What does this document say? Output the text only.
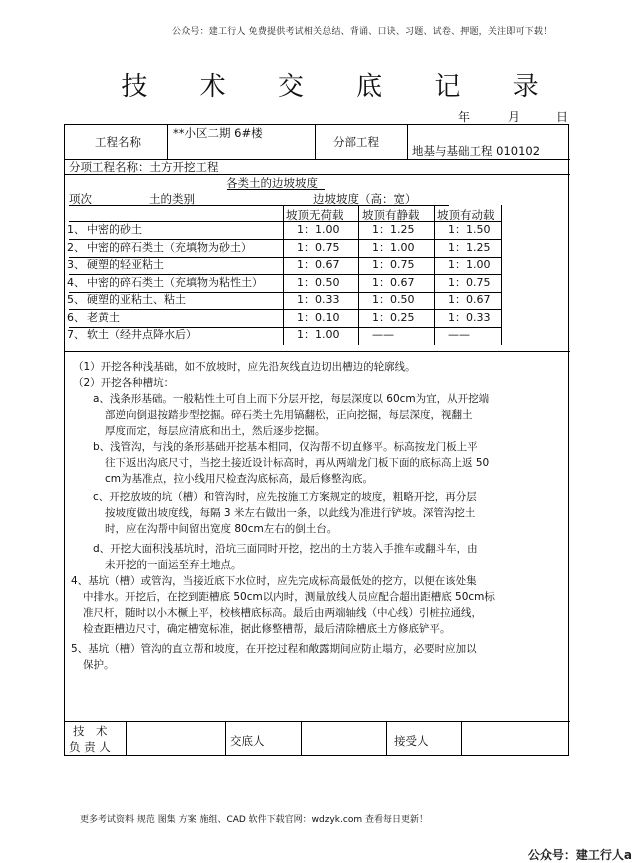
公众号：建工行人 免费提供考试相关总结、背诵、口诀、习题、试卷、押题，关注即可下载！
技 术 交 底 记 录
年	月	日
工程名称
**小区二期 6#楼
分部工程
地基与基础工程 010102
分项工程名称：土方开挖工程
各类土的边坡坡度
项次	土的类别	边坡坡度（高：宽）
坡顶无荷载 坡顶有静载 坡顶有动载
1、 中密的砂土	1：1.00	1：1.25	1：1.50
2、 中密的碎石类土（充填物为砂土）	1：0.75	1：1.00	1：1.25
3、 硬塑的轻亚粘土	1：0.67	1：0.75	1：1.00
4、 中密的碎石类土（充填物为粘性土）	1：0.50	1：0.67	1：0.75
5、 硬塑的亚粘土、粘土	1：0.33	1：0.50	1：0.67
6、 老黄土	1：0.10	1：0.25	1：0.33
7、 软土（经井点降水后）	1：1.00	——	——
（1）开挖各种浅基础，如不放坡时，应先沿灰线直边切出槽边的轮廓线。
（2）开挖各种槽坑：
a、浅条形基础。一般粘性土可自上而下分层开挖，每层深度以 60cm为宜，从开挖端
部逆向倒退按踏步型挖掘。碎石类土先用镐翻松，正向挖掘，每层深度，视翻土
厚度而定，每层应清底和出土，然后逐步挖掘。
b、浅管沟，与浅的条形基础开挖基本相同，仅沟帮不切直修平。标高按龙门板上平
往下返出沟底尺寸，当挖土接近设计标高时，再从两端龙门板下面的底标高上返 50
cm为基准点，拉小线用尺检查沟底标高，最后修整沟底。
c、开挖放坡的坑（槽）和管沟时，应先按施工方案规定的坡度，粗略开挖，再分层
按坡度做出坡度线，每隔 3 米左右做出一条，以此线为准进行铲坡。深管沟挖土
时，应在沟帮中间留出宽度 80cm左右的倒土台。
d、开挖大面积浅基坑时，沿坑三面同时开挖，挖出的土方装入手推车或翻斗车，由
未开挖的一面运至弃土地点。
4、基坑（槽）或管沟，当接近底下水位时，应先完成标高最低处的挖方，以便在该处集
中排水。开挖后，在挖到距槽底 50cm以内时，测量放线人员应配合超出距槽底 50cm标
准尺杆，随时以小木橛上平，校核槽底标高。最后由两端轴线（中心线）引桩拉通线，
检查距槽边尺寸，确定槽宽标准，据此修整槽帮，最后清除槽底土方修底铲平。
5、基坑（槽）管沟的直立帮和坡度，在开挖过程和敞露期间应防止塌方，必要时应加以
保护。
技　术
负 责 人	交底人	接受人
更多考试资料 规范 图集 方案 施组、CAD 软件下载官网：wdzyk.com 查看每日更新！
公众号：建工行人a
